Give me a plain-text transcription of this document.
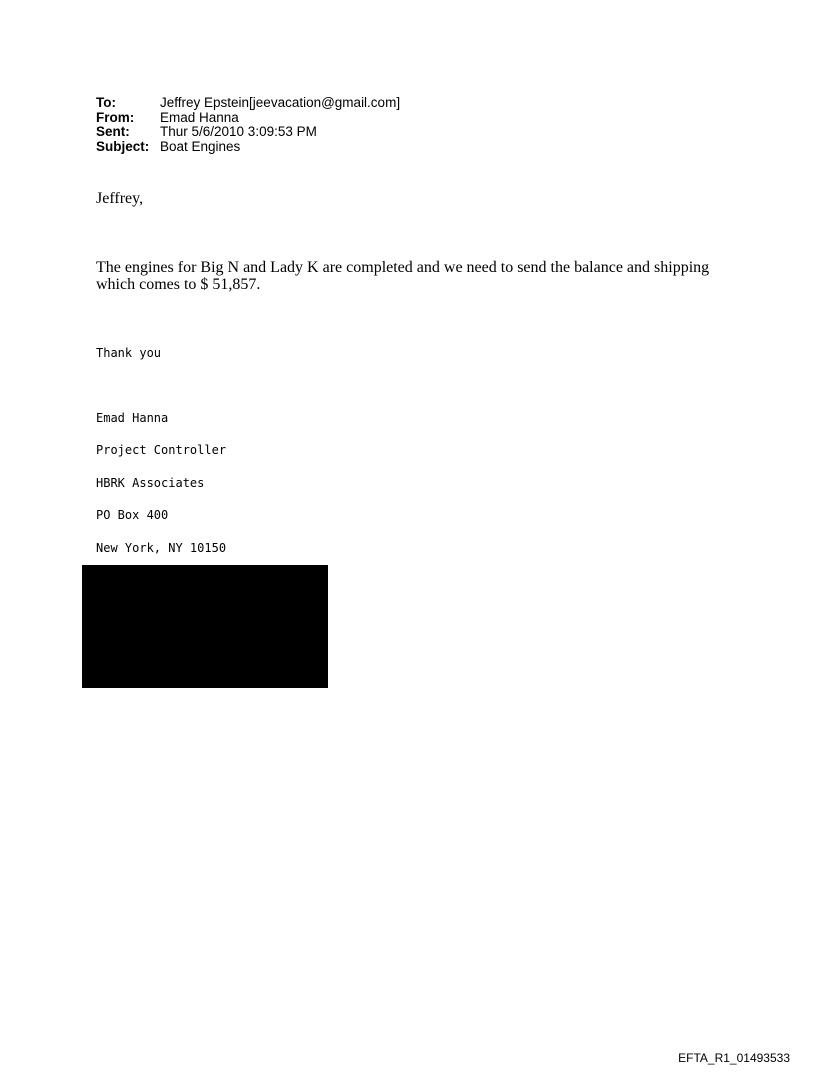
To:	Jeffrey Epstein[jeevacation@gmail.com]
From:	Emad Hanna
Sent:	Thur 5/6/2010 3:09:53 PM
Subject: Boat Engines
Jeffrey,
The engines for Big N and Lady K are completed and we need to send the balance and shipping which comes to $ 51,857.
Thank you
Emad Hanna
Project Controller
HBRK Associates
PO Box 400
New York, NY 10150
EFTA_R1_01493533
